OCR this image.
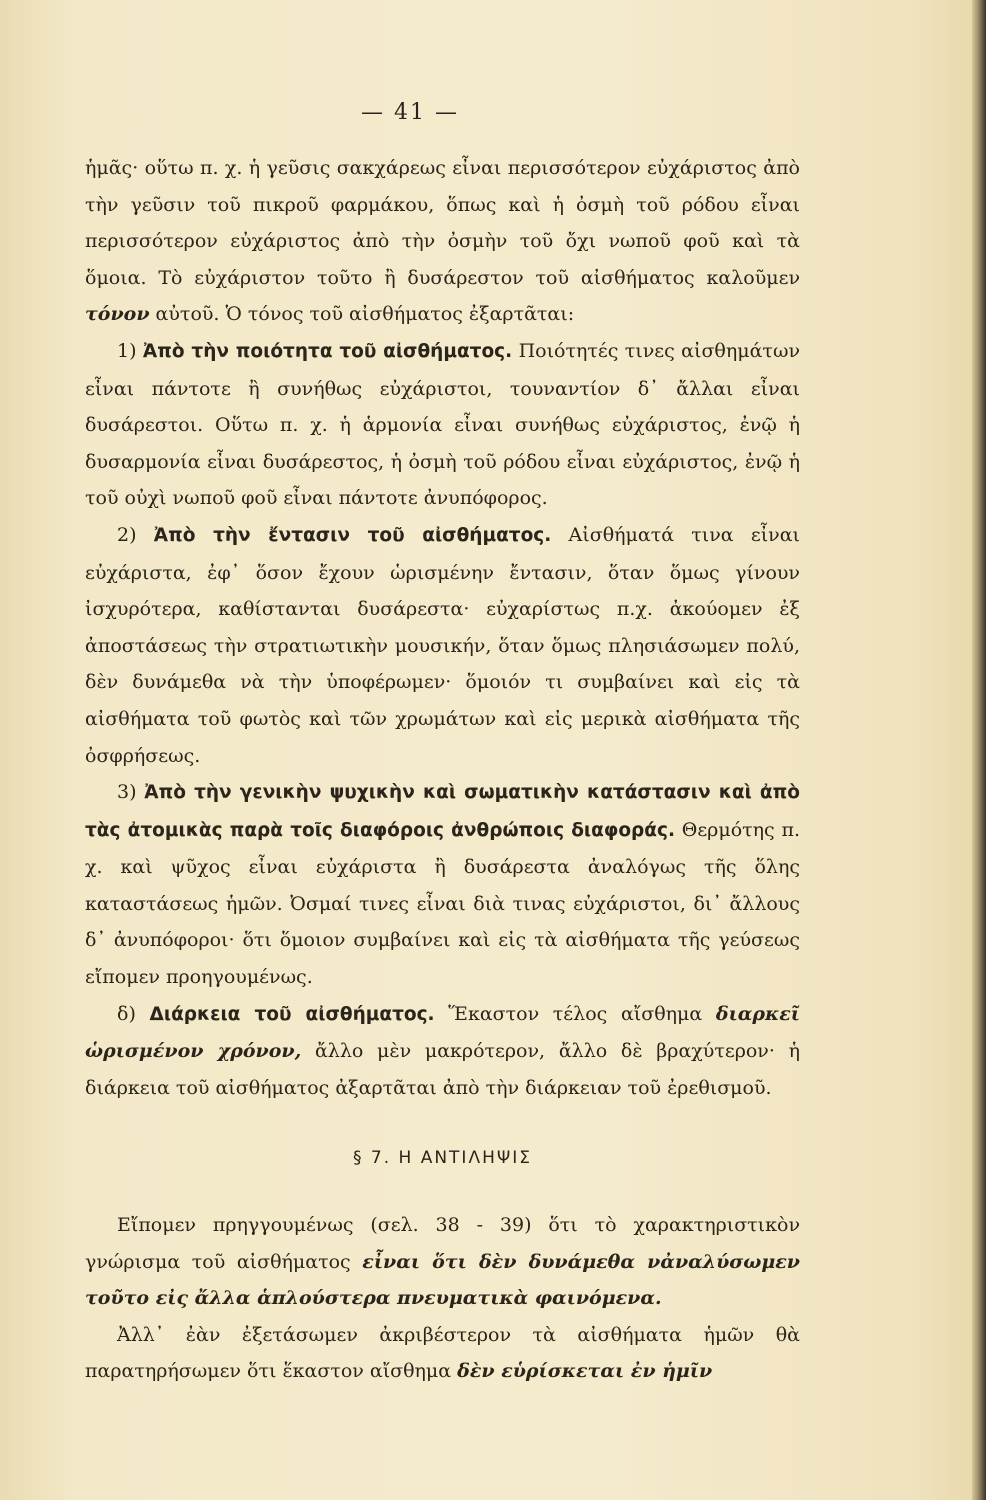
— 41 —

ἡμᾶς· οὕτω π. χ. ἡ γεῦσις σακχάρεως εἶναι περισσότερον εὐχάριστος ἀπὸ τὴν γεῦσιν τοῦ πικροῦ φαρμάκου, ὅπως καὶ ἡ ὀσμὴ τοῦ ρόδου εἶναι περισσότερον εὐχάριστος ἀπὸ τὴν ὀσμὴν τοῦ ὄχι νωποῦ φοῦ καὶ τὰ ὅμοια. Τὸ εὐχάριστον τοῦτο ἢ δυσάρεστον τοῦ αἰσθήματος καλοῦμεν τόνον αὐτοῦ. Ὁ τόνος τοῦ αἰσθήματος ἐξαρτᾶται:

1) Ἀπὸ τὴν ποιότητα τοῦ αἰσθήματος. Ποιότητές τινες αἰσθημάτων εἶναι πάντοτε ἢ συνήθως εὐχάριστοι, τουναντίον δ᾿ ἄλλαι εἶναι δυσάρεστοι. Οὕτω π. χ. ἡ ἁρμονία εἶναι συνήθως εὐχάριστος, ἐνῷ ἡ δυσαρμονία εἶναι δυσάρεστος, ἡ ὀσμὴ τοῦ ρόδου εἶναι εὐχάριστος, ἐνῷ ἡ τοῦ οὐχὶ νωποῦ φοῦ εἶναι πάντοτε ἀνυπόφορος.

2) Ἀπὸ τὴν ἔντασιν τοῦ αἰσθήματος. Αἰσθήματά τινα εἶναι εὐχάριστα, ἐφ᾿ ὅσον ἔχουν ὡρισμένην ἔντασιν, ὅταν ὅμως γίνουν ἰσχυρότερα, καθίστανται δυσάρεστα· εὐχαρίστως π.χ. ἀκούομεν ἐξ ἀποστάσεως τὴν στρατιωτικὴν μουσικήν, ὅταν ὅμως πλησιάσωμεν πολύ, δὲν δυνάμεθα νὰ τὴν ὑποφέρωμεν· ὅμοιόν τι συμβαίνει καὶ εἰς τὰ αἰσθήματα τοῦ φωτὸς καὶ τῶν χρωμάτων καὶ εἰς μερικὰ αἰσθήματα τῆς ὀσφρήσεως.

3) Ἀπὸ τὴν γενικὴν ψυχικὴν καὶ σωματικὴν κατάστασιν καὶ ἀπὸ τὰς ἀτομικὰς παρὰ τοῖς διαφόροις ἀνθρώποις διαφοράς. Θερμότης π. χ. καὶ ψῦχος εἶναι εὐχάριστα ἢ δυσάρεστα ἀναλόγως τῆς ὅλης καταστάσεως ἡμῶν. Ὀσμαί τινες εἶναι διὰ τινας εὐχάριστοι, δι᾿ ἄλλους δ᾿ ἀνυπόφοροι· ὅτι ὅμοιον συμβαίνει καὶ εἰς τὰ αἰσθήματα τῆς γεύσεως εἴπομεν προηγουμένως.

δ) Διάρκεια τοῦ αἰσθήματος. Ἕκαστον τέλος αἴσθημα διαρκεῖ ὡρισμένον χρόνον, ἄλλο μὲν μακρότερον, ἄλλο δὲ βραχύτερον· ἡ διάρκεια τοῦ αἰσθήματος ἀξαρτᾶται ἀπὸ τὴν διάρκειαν τοῦ ἐρεθισμοῦ.

§ 7. Η ΑΝΤΙΛΗΨΙΣ

Εἴπομεν πρηγγουμένως (σελ. 38 - 39) ὅτι τὸ χαρακτηριστικὸν γνώρισμα τοῦ αἰσθήματος εἶναι ὅτι δὲν δυνάμεθα νἀναλύσωμεν τοῦτο εἰς ἄλλα ἁπλούστερα πνευματικὰ φαινόμενα.

Ἀλλ᾿ ἐὰν ἐξετάσωμεν ἀκριβέστερον τὰ αἰσθήματα ἡμῶν θὰ παρατηρήσωμεν ὅτι ἕκαστον αἴσθημα δὲν εὑρίσκεται ἐν ἡμῖν
